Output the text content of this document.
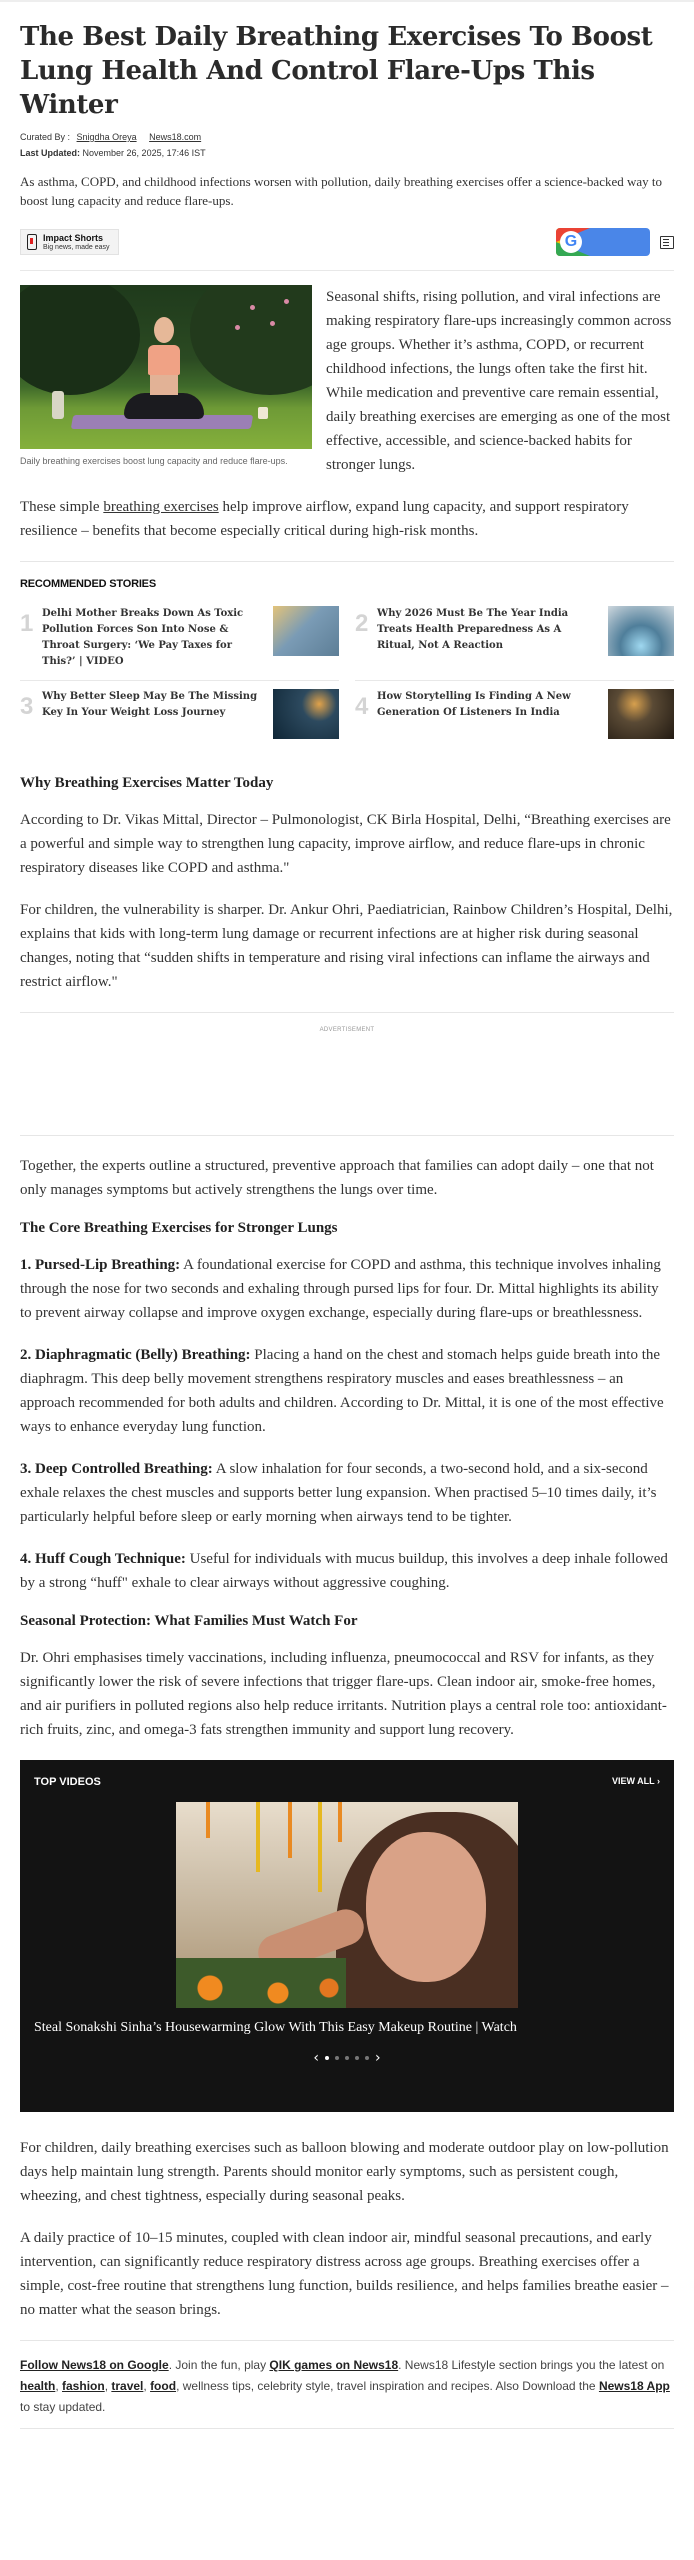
The Best Daily Breathing Exercises To Boost Lung Health And Control Flare-Ups This Winter
Curated By : Snigdha Oreya News18.com
Last Updated: November 26, 2025, 17:46 IST

As asthma, COPD, and childhood infections worsen with pollution, daily breathing exercises offer a science-backed way to boost lung capacity and reduce flare-ups.

Impact Shorts
Big news, made easy	G
Daily breathing exercises boost lung capacity and reduce flare-ups.

Seasonal shifts, rising pollution, and viral infections are making respiratory flare-ups increasingly common across age groups. Whether it’s asthma, COPD, or recurrent childhood infections, the lungs often take the first hit. While medication and preventive care remain essential, daily breathing exercises are emerging as one of the most effective, accessible, and science-backed habits for stronger lungs.

These simple breathing exercises help improve airflow, expand lung capacity, and support respiratory resilience – benefits that become especially critical during high-risk months.

RECOMMENDED STORIES
1 Delhi Mother Breaks Down As Toxic Pollution Forces Son Into Nose & Throat Surgery: ‘We Pay Taxes for This?’ | VIDEO
2 Why 2026 Must Be The Year India Treats Health Preparedness As A Ritual, Not A Reaction
3 Why Better Sleep May Be The Missing Key In Your Weight Loss Journey	4 How Storytelling Is Finding A New Generation Of Listeners In India
Why Breathing Exercises Matter Today

According to Dr. Vikas Mittal, Director – Pulmonologist, CK Birla Hospital, Delhi, “Breathing exercises are a powerful and simple way to strengthen lung capacity, improve airflow, and reduce flare-ups in chronic respiratory diseases like COPD and asthma."

For children, the vulnerability is sharper. Dr. Ankur Ohri, Paediatrician, Rainbow Children’s Hospital, Delhi, explains that kids with long-term lung damage or recurrent infections are at higher risk during seasonal changes, noting that “sudden shifts in temperature and rising viral infections can inflame the airways and restrict airflow."

ADVERTISEMENT

Together, the experts outline a structured, preventive approach that families can adopt daily – one that not only manages symptoms but actively strengthens the lungs over time.

The Core Breathing Exercises for Stronger Lungs

1. Pursed-Lip Breathing: A foundational exercise for COPD and asthma, this technique involves inhaling through the nose for two seconds and exhaling through pursed lips for four. Dr. Mittal highlights its ability to prevent airway collapse and improve oxygen exchange, especially during flare-ups or breathlessness.

2. Diaphragmatic (Belly) Breathing: Placing a hand on the chest and stomach helps guide breath into the diaphragm. This deep belly movement strengthens respiratory muscles and eases breathlessness – an approach recommended for both adults and children. According to Dr. Mittal, it is one of the most effective ways to enhance everyday lung function.

3. Deep Controlled Breathing: A slow inhalation for four seconds, a two-second hold, and a six-second exhale relaxes the chest muscles and supports better lung expansion. When practised 5–10 times daily, it’s particularly helpful before sleep or early morning when airways tend to be tighter.

4. Huff Cough Technique: Useful for individuals with mucus buildup, this involves a deep inhale followed by a strong “huff" exhale to clear airways without aggressive coughing.

Seasonal Protection: What Families Must Watch For

Dr. Ohri emphasises timely vaccinations, including influenza, pneumococcal and RSV for infants, as they significantly lower the risk of severe infections that trigger flare-ups. Clean indoor air, smoke-free homes, and air purifiers in polluted regions also help reduce irritants. Nutrition plays a central role too: antioxidant-rich fruits, zinc, and omega-3 fats strengthen immunity and support lung recovery.

TOP VIDEOS	VIEW ALL ›
Steal Sonakshi Sinha’s Housewarming Glow With This Easy Makeup Routine | Watch
‹	›

For children, daily breathing exercises such as balloon blowing and moderate outdoor play on low-pollution days help maintain lung strength. Parents should monitor early symptoms, such as persistent cough, wheezing, and chest tightness, especially during seasonal peaks.

A daily practice of 10–15 minutes, coupled with clean indoor air, mindful seasonal precautions, and early intervention, can significantly reduce respiratory distress across age groups. Breathing exercises offer a simple, cost-free routine that strengthens lung function, builds resilience, and helps families breathe easier – no matter what the season brings.

Follow News18 on Google. Join the fun, play QIK games on News18. News18 Lifestyle section brings you the latest on health, fashion, travel, food, wellness tips, celebrity style, travel inspiration and recipes. Also Download the News18 App to stay updated.
